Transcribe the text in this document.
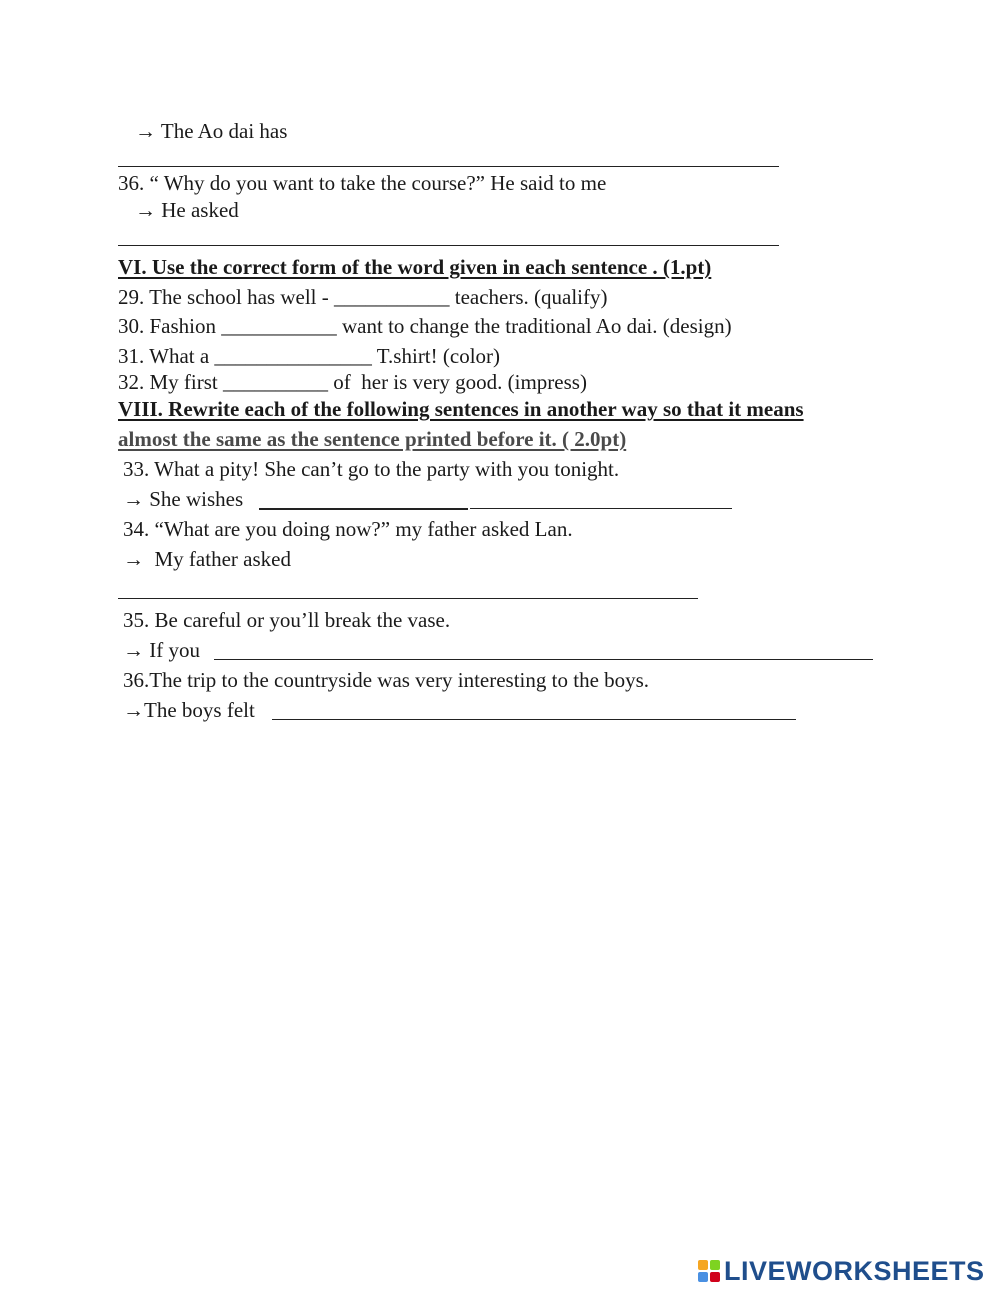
→ The Ao dai has
36. “ Why do you want to take the course?” He said to me
→ He asked
VI. Use the correct form of the word given in each sentence . (1.pt)
29. The school has well - ___________ teachers. (qualify)
30. Fashion ___________ want to change the traditional Ao dai. (design)
31. What a _______________ T.shirt! (color)
32. My first __________ of  her is very good. (impress)
VIII. Rewrite each of the following sentences in another way so that it means
almost the same as the sentence printed before it. ( 2.0pt)
33. What a pity! She can’t go to the party with you tonight.
→ She wishes
34. “What are you doing now?” my father asked Lan.
→  My father asked
35. Be careful or you’ll break the vase.
→ If you
36.The trip to the countryside was very interesting to the boys.
→The boys felt
LIVEWORKSHEETS
